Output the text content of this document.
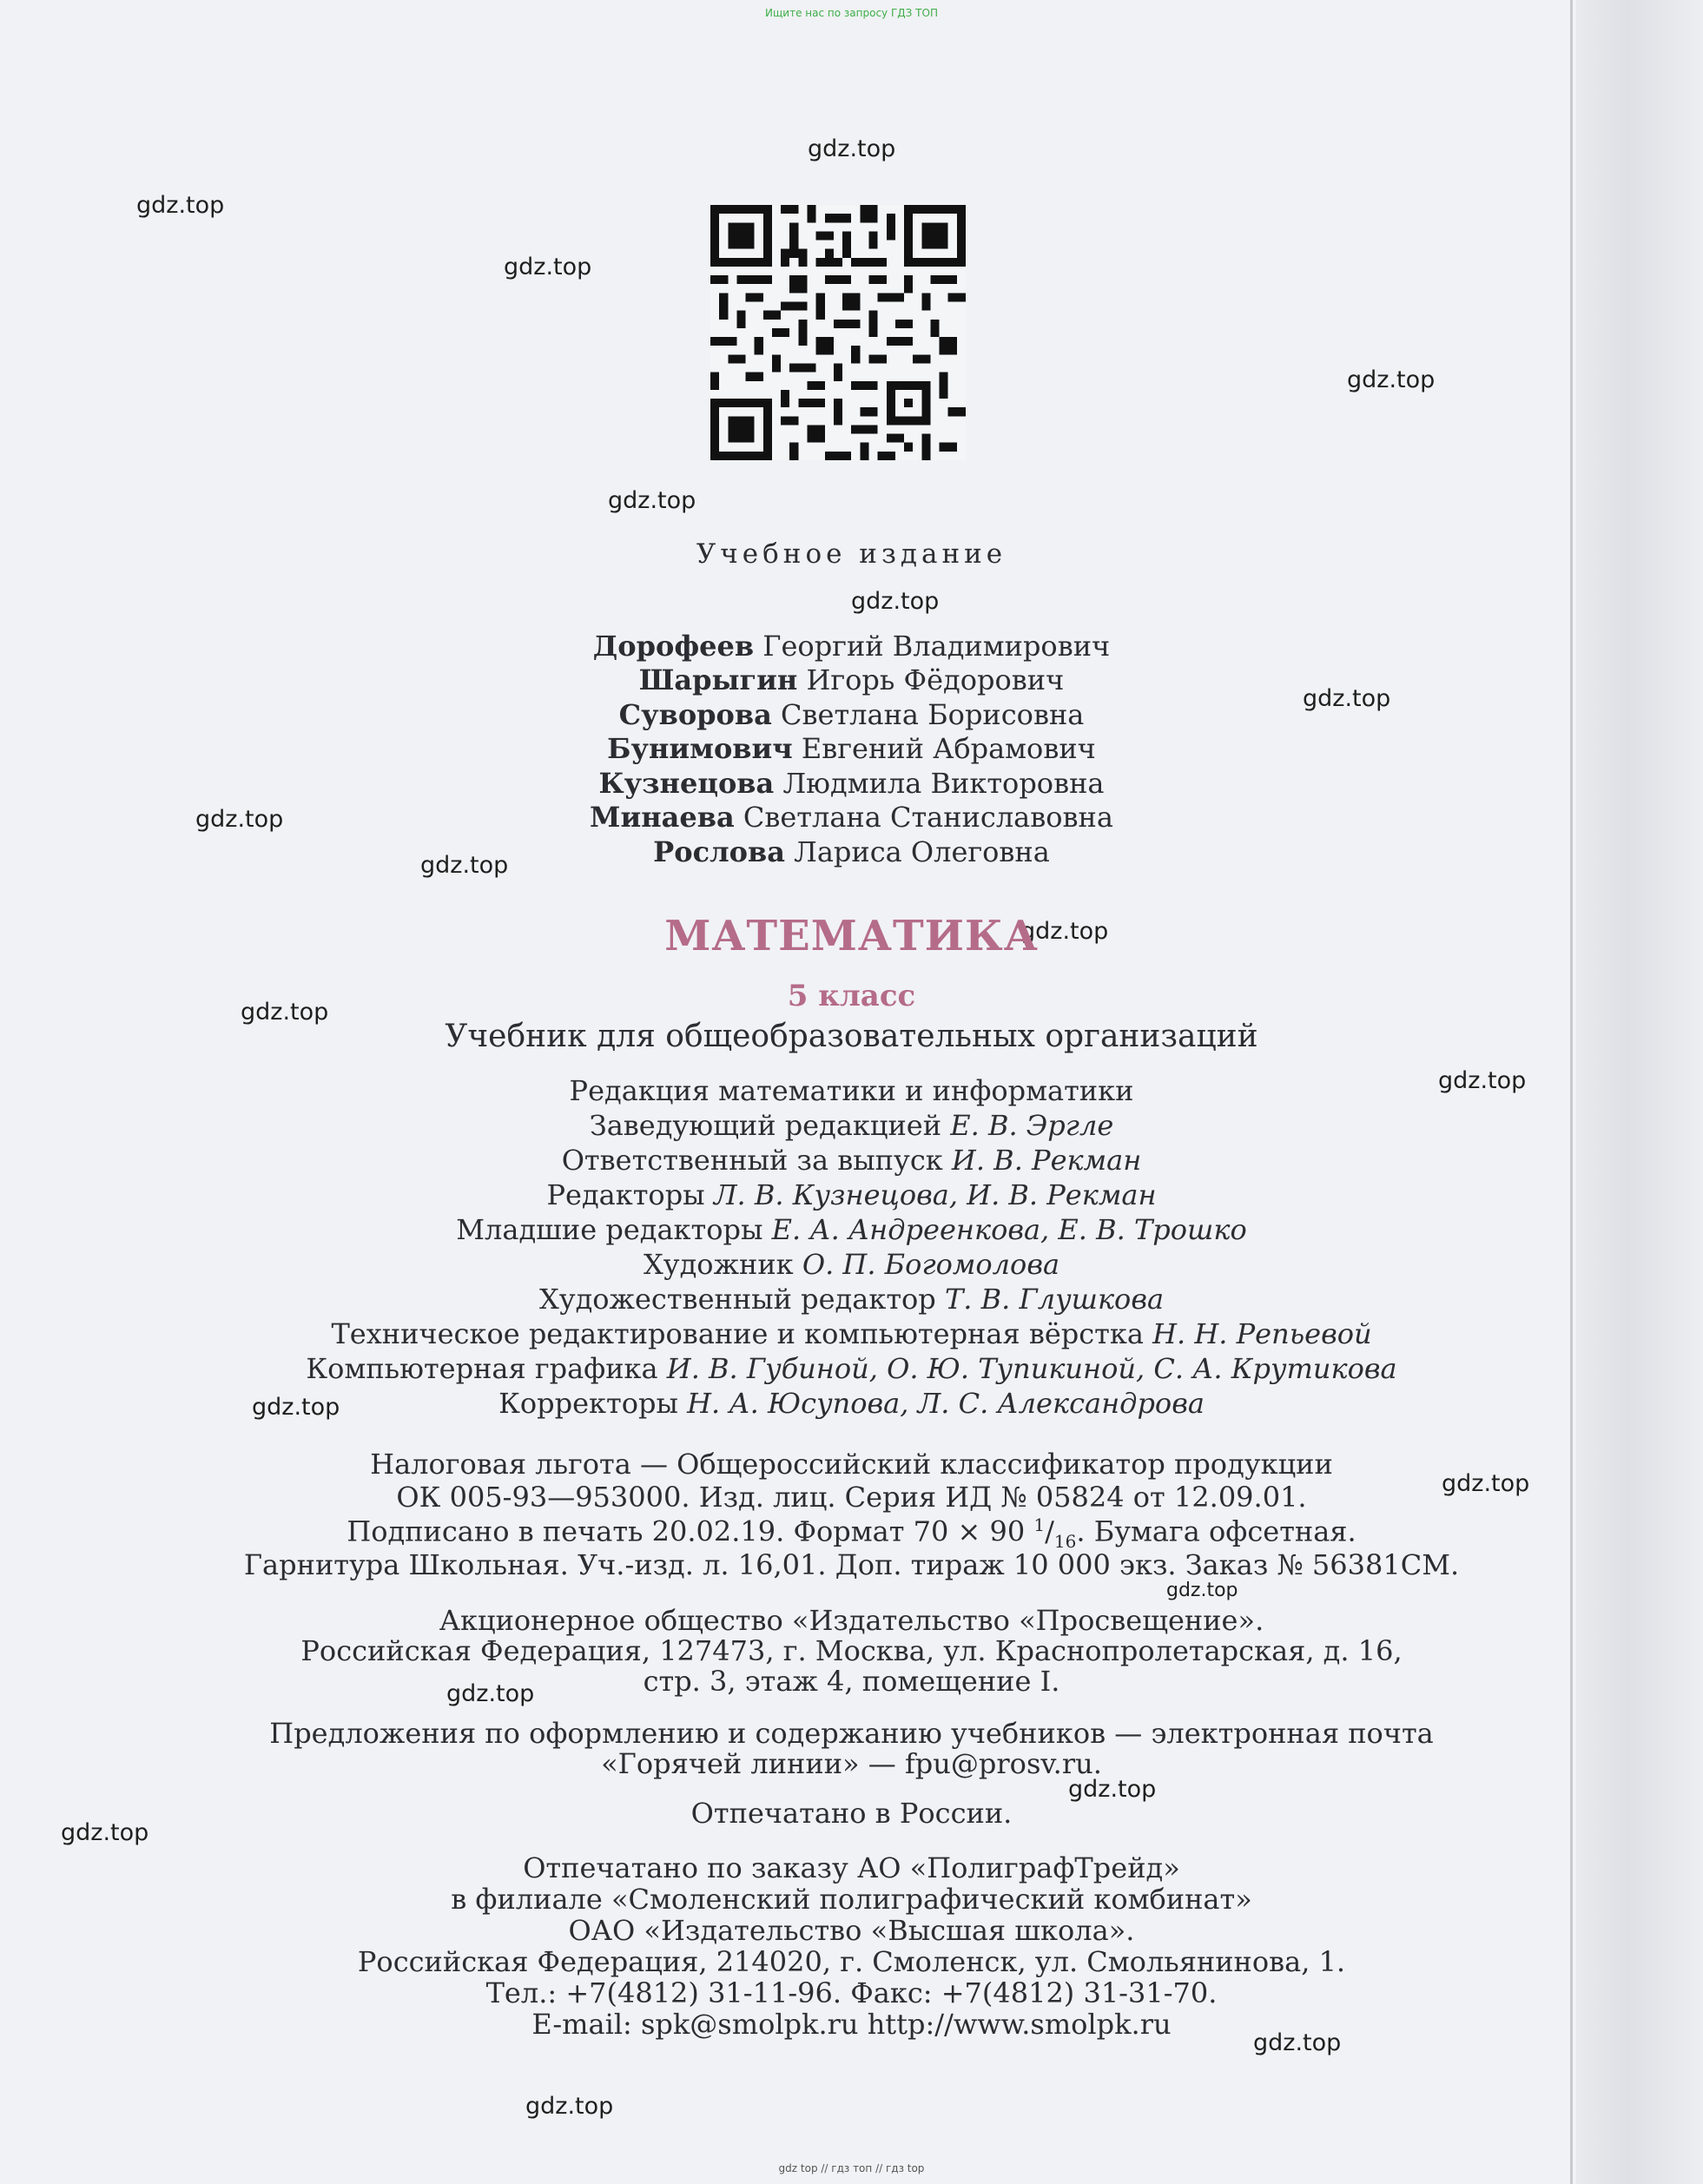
Ищите нас по запросу ГДЗ ТОП
gdz.top
gdz.top
gdz.top
gdz.top
gdz.top
gdz.top
gdz.top
gdz.top
gdz.top
gdz.top
gdz.top
gdz.top
gdz.top
gdz.top
gdz.top
gdz.top
gdz.top
gdz.top
gdz.top
gdz.top
Учебное издание
Дорофеев Георгий Владимирович
Шарыгин Игорь Фёдорович
Суворова Светлана Борисовна
Бунимович Евгений Абрамович
Кузнецова Людмила Викторовна
Минаева Светлана Станиславовна
Рослова Лариса Олеговна
МАТЕМАТИКА
5 класс
Учебник для общеобразовательных организаций
Редакция математики и информатики
Заведующий редакцией Е. В. Эргле
Ответственный за выпуск И. В. Рекман
Редакторы Л. В. Кузнецова, И. В. Рекман
Младшие редакторы Е. А. Андреенкова, Е. В. Трошко
Художник О. П. Богомолова
Художественный редактор Т. В. Глушкова
Техническое редактирование и компьютерная вёрстка Н. Н. Репьевой
Компьютерная графика И. В. Губиной, О. Ю. Тупикиной, С. А. Крутикова
Корректоры Н. А. Юсупова, Л. С. Александрова
Налоговая льгота — Общероссийский классификатор продукции
ОК 005-93—953000. Изд. лиц. Серия ИД № 05824 от 12.09.01.
Подписано в печать 20.02.19. Формат 70 × 90 $^1/_{16}$. Бумага офсетная.
Гарнитура Школьная. Уч.-изд. л. 16,01. Доп. тираж 10 000 экз. Заказ № 56381СМ.
Акционерное общество «Издательство «Просвещение».
Российская Федерация, 127473, г. Москва, ул. Краснопролетарская, д. 16,
стр. 3, этаж 4, помещение I.
Предложения по оформлению и содержанию учебников — электронная почта
«Горячей линии» — fpu@prosv.ru.
Отпечатано в России.
Отпечатано по заказу АО «ПолиграфТрейд»
в филиале «Смоленский полиграфический комбинат»
ОАО «Издательство «Высшая школа».
Российская Федерация, 214020, г. Смоленск, ул. Смольянинова, 1.
Тел.: +7(4812) 31-11-96. Факс: +7(4812) 31-31-70.
E-mail: spk@smolpk.ru http://www.smolpk.ru
gdz top // гдз топ // гдз top
